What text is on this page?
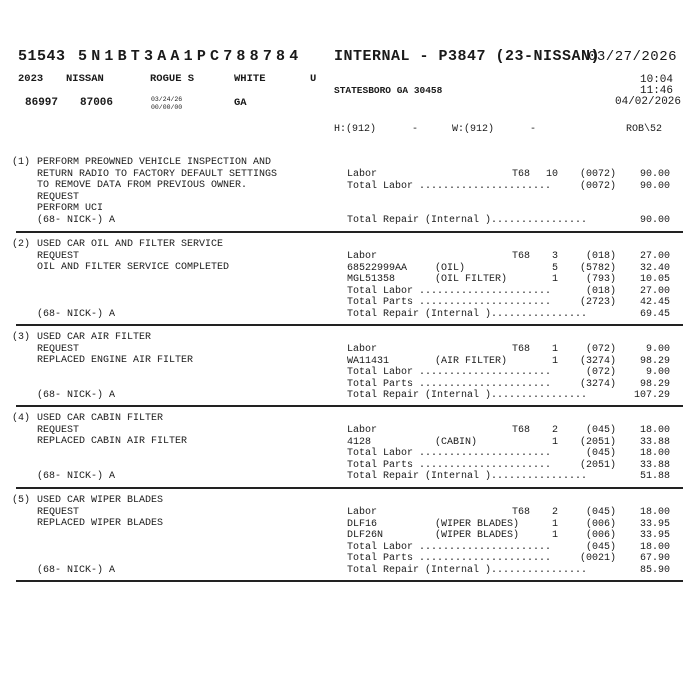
51543 5N1BT3AA1PC788784 INTERNAL - P3847 (23-NISSAN)
03/27/2026
2023 NISSAN	ROGUE S	WHITE	U
86997 87006	03/24/26
00/00/00	GA
STATESBORO GA 30458
10:04
11:46
04/02/2026
H:(912)	-	W:(912)	-	ROB\52
(1) PERFORM PREOWNED VEHICLE INSPECTION AND
RETURN RADIO TO FACTORY DEFAULT SETTINGS
TO REMOVE DATA FROM PREVIOUS OWNER.
REQUEST
PERFORM UCI
(68- NICK-) A
Labor	T68 10 (0072) 90.00
Total Labor ......................	(0072) 90.00
Total Repair (Internal )................	90.00
(2) USED CAR OIL AND FILTER SERVICE
REQUEST
OIL AND FILTER SERVICE COMPLETED
(68- NICK-) A
Labor	T68 3	(018) 27.00
68522999AA	(OIL)	5 (5782) 32.40
MGL51358	(OIL FILTER)	1	(793) 10.05
Total Labor ......................	(018) 27.00
Total Parts ......................	(2723) 42.45
Total Repair (Internal )................	69.45
(3) USED CAR AIR FILTER
REQUEST
REPLACED ENGINE AIR FILTER
(68- NICK-) A
Labor	T68 1	(072)	9.00
WA11431	(AIR FILTER)	1 (3274) 98.29
Total Labor ......................	(072)	9.00
Total Parts ......................	(3274) 98.29
Total Repair (Internal )................	107.29
(4) USED CAR CABIN FILTER
REQUEST
REPLACED CABIN AIR FILTER
(68- NICK-) A
Labor	T68 2	(045) 18.00
4128	(CABIN)	1 (2051) 33.88
Total Labor ......................	(045) 18.00
Total Parts ......................	(2051) 33.88
Total Repair (Internal )................	51.88
(5) USED CAR WIPER BLADES
REQUEST
REPLACED WIPER BLADES
(68- NICK-) A
Labor	T68 2	(045) 18.00
DLF16	(WIPER BLADES)	1	(006) 33.95
DLF26N	(WIPER BLADES)	1	(006) 33.95
Total Labor ......................	(045) 18.00
Total Parts ......................	(0021) 67.90
Total Repair (Internal )................	85.90
